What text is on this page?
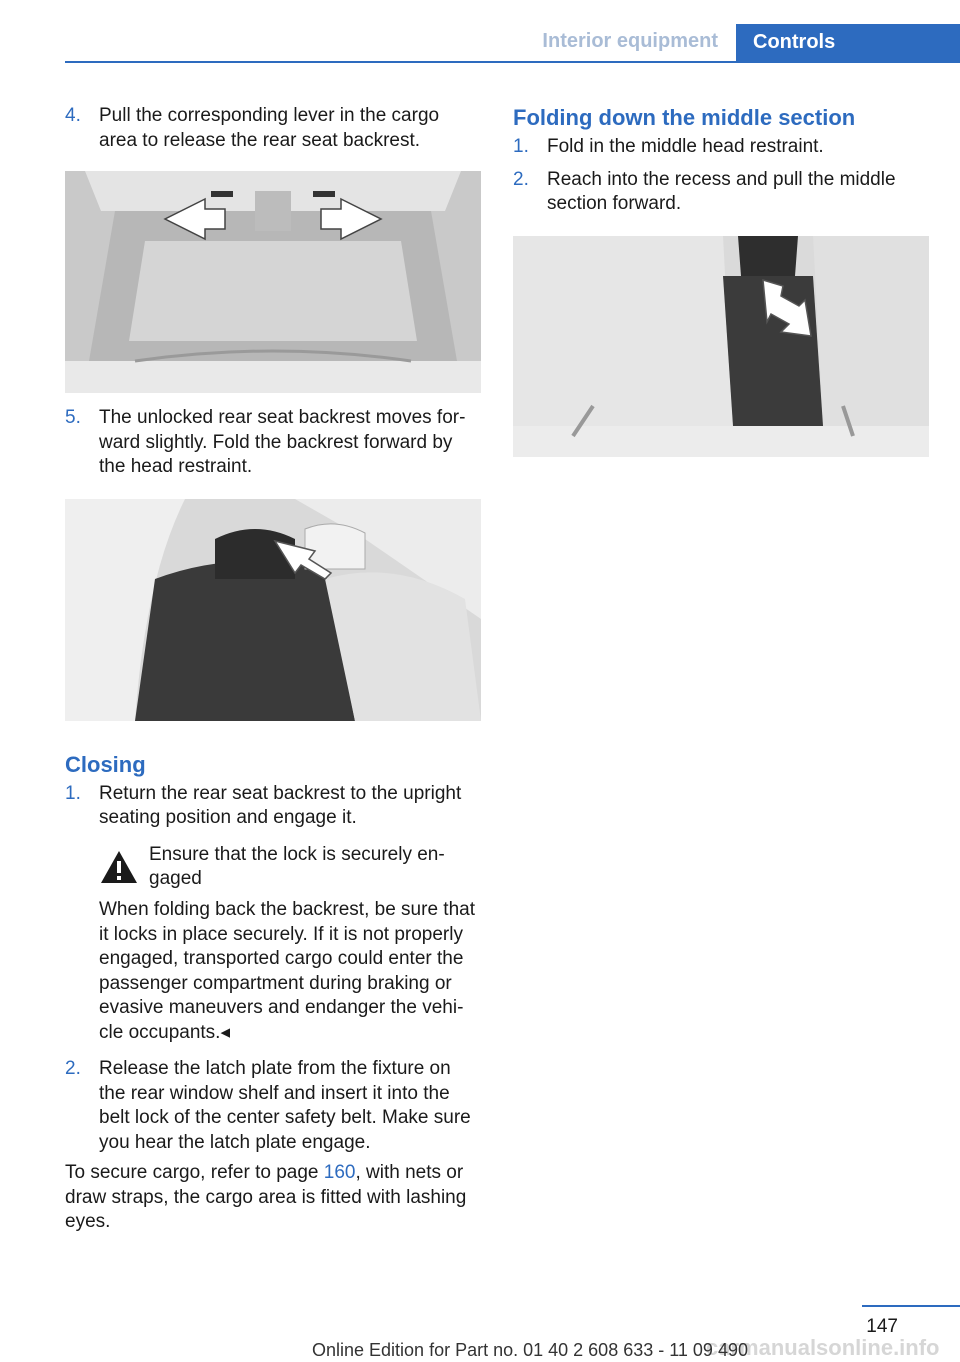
Interior equipment	Controls
4. Pull the corresponding lever in the cargo area to release the rear seat backrest.
5. The unlocked rear seat backrest moves forward slightly. Fold the backrest forward by the head restraint.
Closing
1. Return the rear seat backrest to the upright seating position and engage it.
Ensure that the lock is securely engaged

When folding back the backrest, be sure that it locks in place securely. If it is not properly engaged, transported cargo could enter the passenger compartment during braking or evasive maneuvers and endanger the vehicle occupants.◂

2. Release the latch plate from the fixture on the rear window shelf and insert it into the belt lock of the center safety belt. Make sure you hear the latch plate engage.

To secure cargo, refer to page 160, with nets or draw straps, the cargo area is fitted with lashing eyes.

Folding down the middle section
1. Fold in the middle head restraint.
2. Reach into the recess and pull the middle section forward.
147
carmanualsonline.info
Online Edition for Part no. 01 40 2 608 633 - 11 09 490
